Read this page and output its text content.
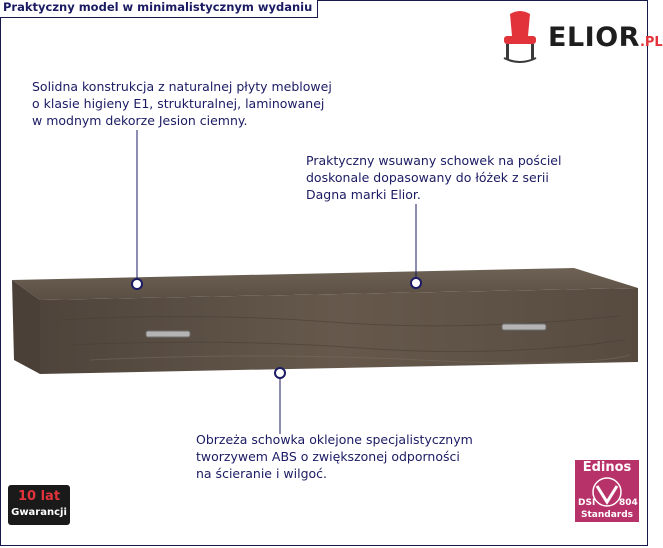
Praktyczny model w minimalistycznym wydaniu
ELIOR.PL
Solidna konstrukcja z naturalnej płyty meblowej
o klasie higieny E1, strukturalnej, laminowanej
w modnym dekorze Jesion ciemny.
Praktyczny wsuwany schowek na pościel
doskonale dopasowany do łóżek z serii
Dagna marki Elior.
Obrzeża schowka oklejone specjalistycznym
tworzywem ABS o zwiększonej odporności
na ścieranie i wilgoć.
10 lat
Gwarancji
Edinos
DSI	804
Standards
